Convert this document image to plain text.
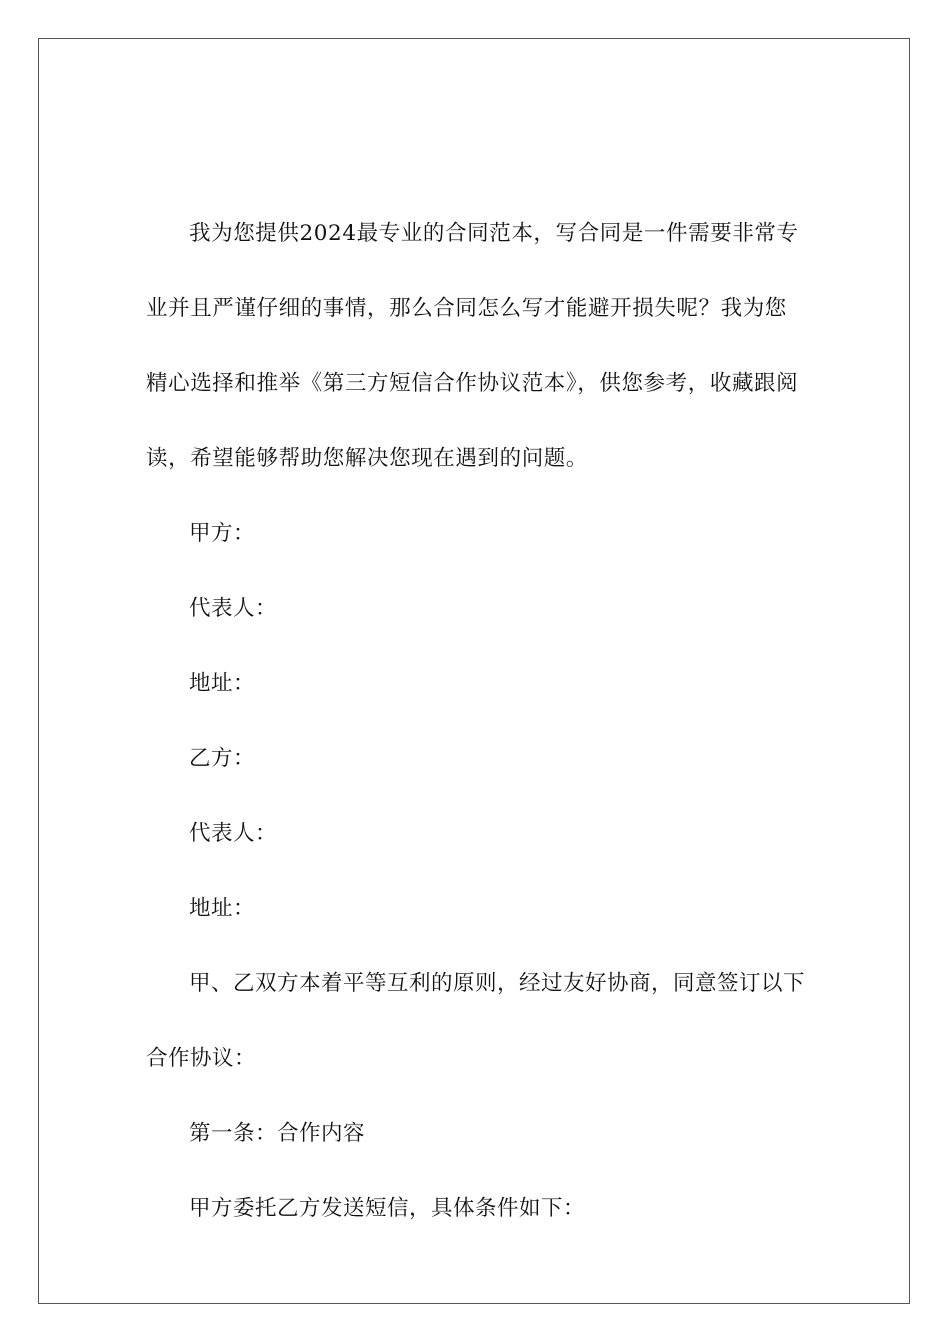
我为您提供2024最专业的合同范本，写合同是一件需要非常专业并且严谨仔细的事情，那么合同怎么写才能避开损失呢？我为您精心选择和推举《第三方短信合作协议范本》，供您参考，收藏跟阅读，希望能够帮助您解决您现在遇到的问题。

甲方：

代表人：

地址：

乙方：

代表人：

地址：

甲、乙双方本着平等互利的原则，经过友好协商，同意签订以下合作协议：

第一条：合作内容

甲方委托乙方发送短信，具体条件如下：
